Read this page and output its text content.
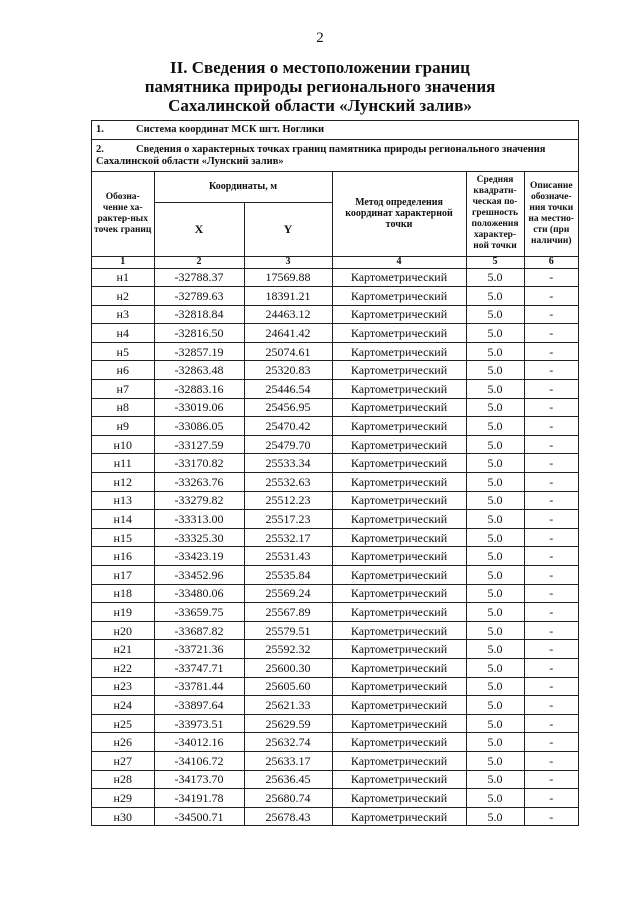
2
II. Сведения о местоположении границ
памятника природы регионального значения
Сахалинской области «Лунский залив»
1.	Система координат МСК шгт. Ноглики
2.	Сведения о характерных точках границ памятника природы регионального значения
Сахалинской области «Лунский залив»
Обозна-чение ха-рактер-ных точек границ	Координаты, м		Метод определения координат характерной точки	Средняя квадрати-ческая по-грешность положения характер-ной точки	Описание обозначе-ния точки на местно-сти (при наличии)
	X	Y			
1	2	3	4	5	6
н1	-32788.37	17569.88	Картометрический	5.0	-
н2	-32789.63	18391.21	Картометрический	5.0	-
н3	-32818.84	24463.12	Картометрический	5.0	-
н4	-32816.50	24641.42	Картометрический	5.0	-
н5	-32857.19	25074.61	Картометрический	5.0	-
н6	-32863.48	25320.83	Картометрический	5.0	-
н7	-32883.16	25446.54	Картометрический	5.0	-
н8	-33019.06	25456.95	Картометрический	5.0	-
н9	-33086.05	25470.42	Картометрический	5.0	-
н10	-33127.59	25479.70	Картометрический	5.0	-
н11	-33170.82	25533.34	Картометрический	5.0	-
н12	-33263.76	25532.63	Картометрический	5.0	-
н13	-33279.82	25512.23	Картометрический	5.0	-
н14	-33313.00	25517.23	Картометрический	5.0	-
н15	-33325.30	25532.17	Картометрический	5.0	-
н16	-33423.19	25531.43	Картометрический	5.0	-
н17	-33452.96	25535.84	Картометрический	5.0	-
н18	-33480.06	25569.24	Картометрический	5.0	-
н19	-33659.75	25567.89	Картометрический	5.0	-
н20	-33687.82	25579.51	Картометрический	5.0	-
н21	-33721.36	25592.32	Картометрический	5.0	-
н22	-33747.71	25600.30	Картометрический	5.0	-
н23	-33781.44	25605.60	Картометрический	5.0	-
н24	-33897.64	25621.33	Картометрический	5.0	-
н25	-33973.51	25629.59	Картометрический	5.0	-
н26	-34012.16	25632.74	Картометрический	5.0	-
н27	-34106.72	25633.17	Картометрический	5.0	-
н28	-34173.70	25636.45	Картометрический	5.0	-
н29	-34191.78	25680.74	Картометрический	5.0	-
н30	-34500.71	25678.43	Картометрический	5.0	-
